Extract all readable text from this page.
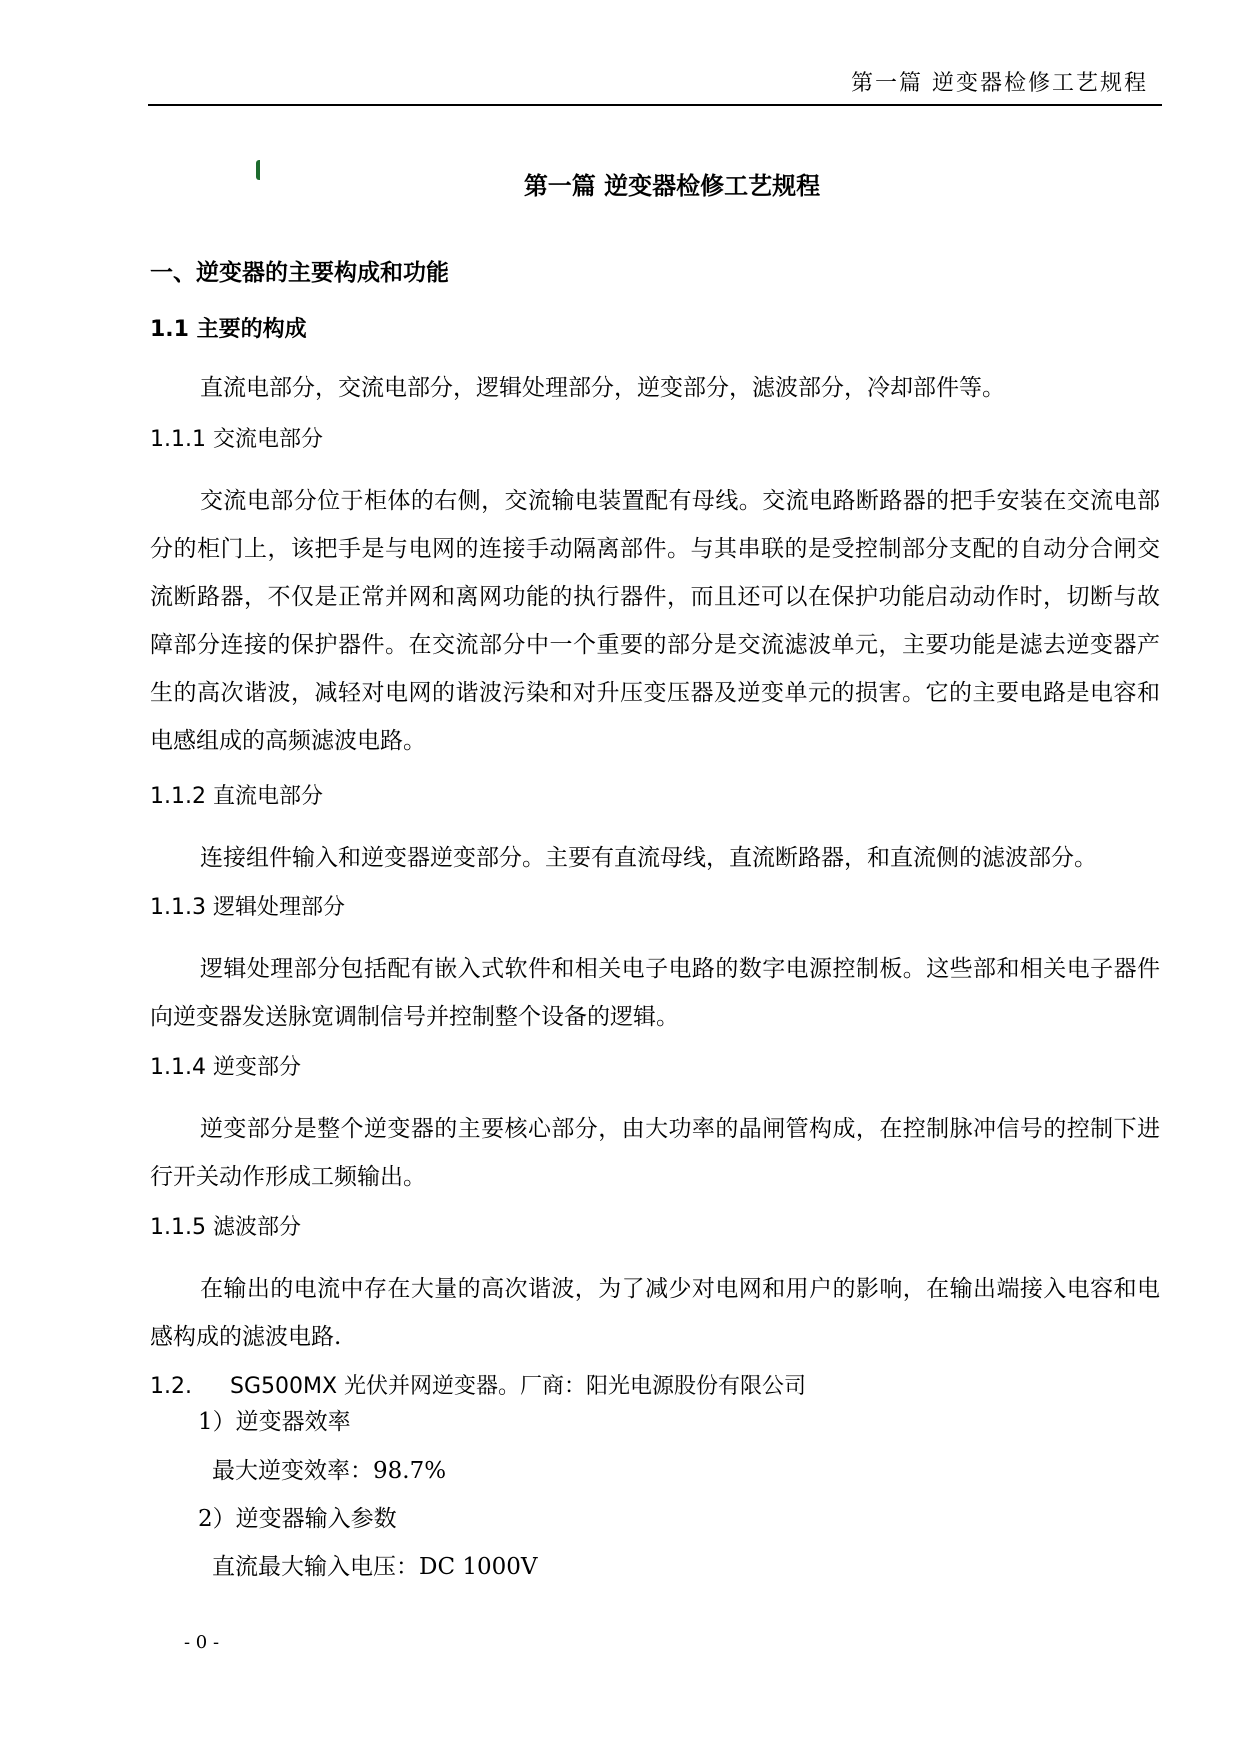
第一篇 逆变器检修工艺规程
第一篇 逆变器检修工艺规程
一、逆变器的主要构成和功能
1.1 主要的构成

直流电部分，交流电部分，逻辑处理部分，逆变部分，滤波部分，冷却部件等。

1.1.1 交流电部分

交流电部分位于柜体的右侧，交流输电装置配有母线。交流电路断路器的把手安装在交流电部分的柜门上，该把手是与电网的连接手动隔离部件。与其串联的是受控制部分支配的自动分合闸交流断路器，不仅是正常并网和离网功能的执行器件，而且还可以在保护功能启动动作时，切断与故障部分连接的保护器件。在交流部分中一个重要的部分是交流滤波单元，主要功能是滤去逆变器产生的高次谐波，减轻对电网的谐波污染和对升压变压器及逆变单元的损害。它的主要电路是电容和电感组成的高频滤波电路。

1.1.2 直流电部分

连接组件输入和逆变器逆变部分。主要有直流母线，直流断路器，和直流侧的滤波部分。

1.1.3 逻辑处理部分

逻辑处理部分包括配有嵌入式软件和相关电子电路的数字电源控制板。这些部和相关电子器件向逆变器发送脉宽调制信号并控制整个设备的逻辑。

1.1.4 逆变部分

逆变部分是整个逆变器的主要核心部分，由大功率的晶闸管构成，在控制脉冲信号的控制下进行开关动作形成工频输出。

1.1.5 滤波部分

在输出的电流中存在大量的高次谐波，为了减少对电网和用户的影响，在输出端接入电容和电感构成的滤波电路.

1.2. SG500MX 光伏并网逆变器。厂商：阳光电源股份有限公司
1）逆变器效率
最大逆变效率：98.7%
2）逆变器输入参数
直流最大输入电压：DC 1000V
- 0 -
